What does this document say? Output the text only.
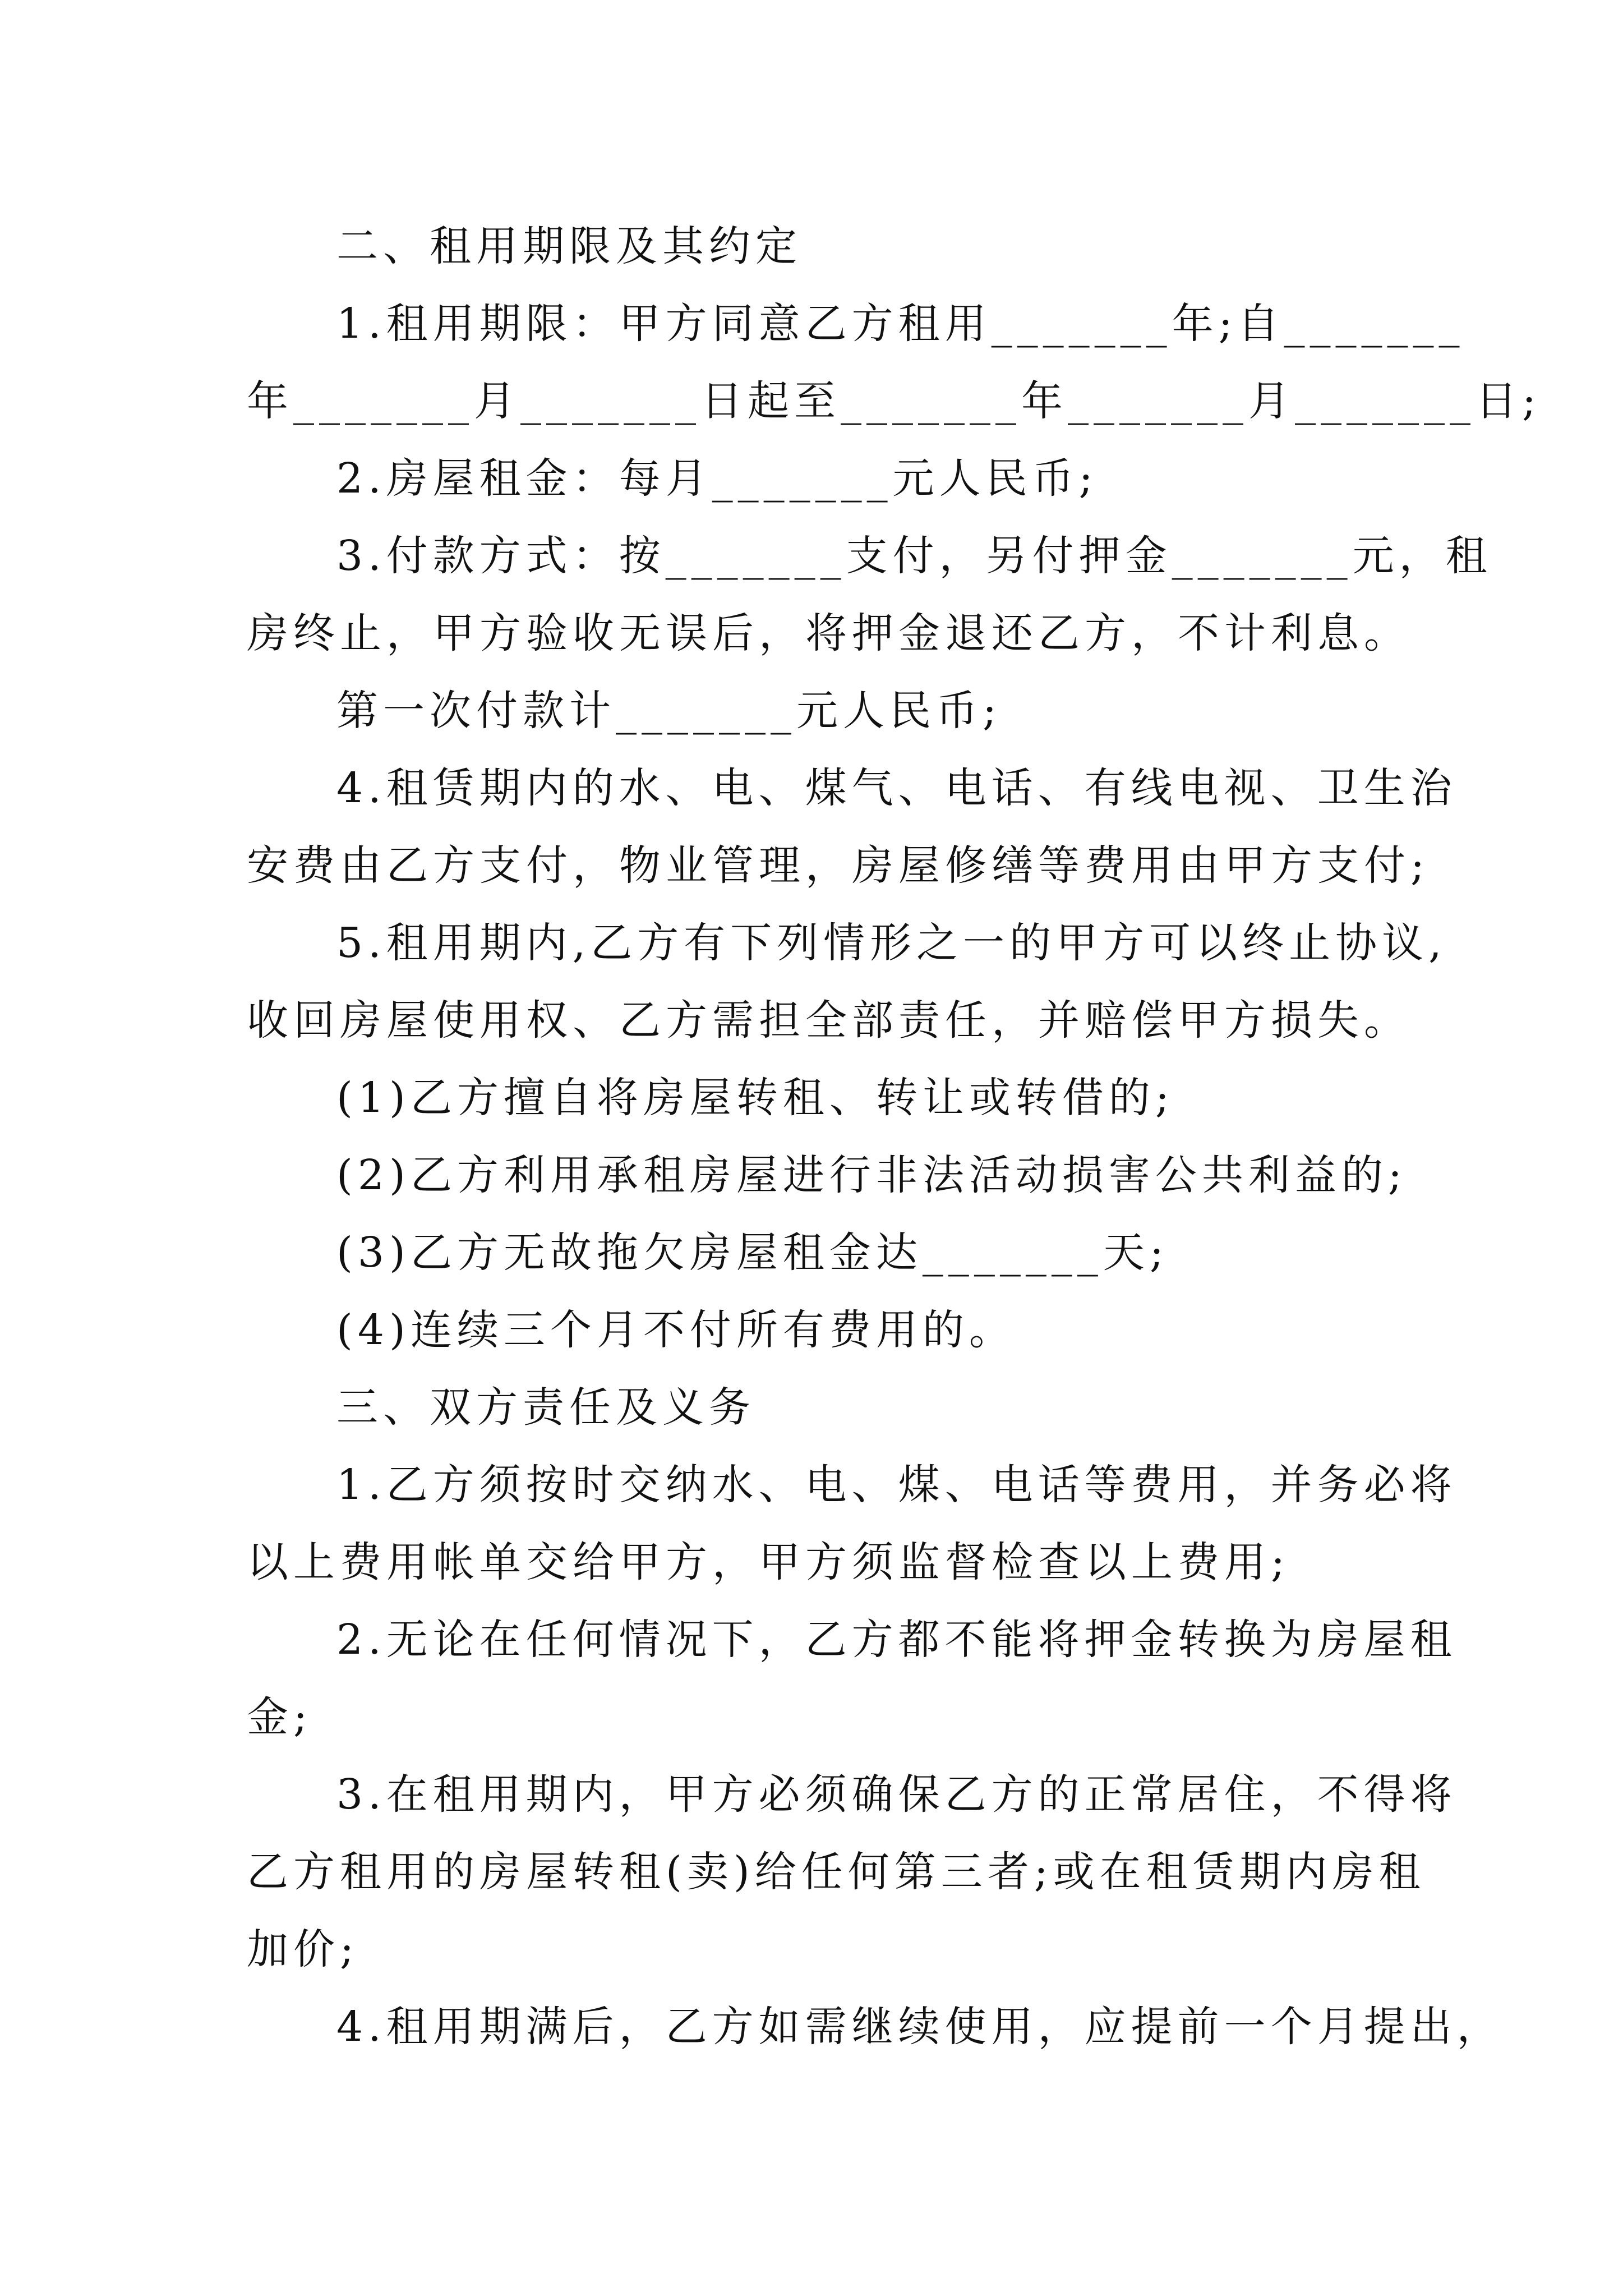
二、租用期限及其约定
1.租用期限：甲方同意乙方租用_______年;自_______
年_______月_______日起至_______年_______月_______日;
2.房屋租金：每月_______元人民币;
3.付款方式：按_______支付，另付押金_______元，租
房终止，甲方验收无误后，将押金退还乙方，不计利息。
第一次付款计_______元人民币;
4.租赁期内的水、电、煤气、电话、有线电视、卫生治
安费由乙方支付，物业管理，房屋修缮等费用由甲方支付;
5.租用期内,乙方有下列情形之一的甲方可以终止协议,
收回房屋使用权、乙方需担全部责任，并赔偿甲方损失。
(1)乙方擅自将房屋转租、转让或转借的;
(2)乙方利用承租房屋进行非法活动损害公共利益的;
(3)乙方无故拖欠房屋租金达_______天;
(4)连续三个月不付所有费用的。
三、双方责任及义务
1.乙方须按时交纳水、电、煤、电话等费用，并务必将
以上费用帐单交给甲方，甲方须监督检查以上费用;
2.无论在任何情况下，乙方都不能将押金转换为房屋租
金;
3.在租用期内，甲方必须确保乙方的正常居住，不得将
乙方租用的房屋转租(卖)给任何第三者;或在租赁期内房租
加价;
4.租用期满后，乙方如需继续使用，应提前一个月提出，
